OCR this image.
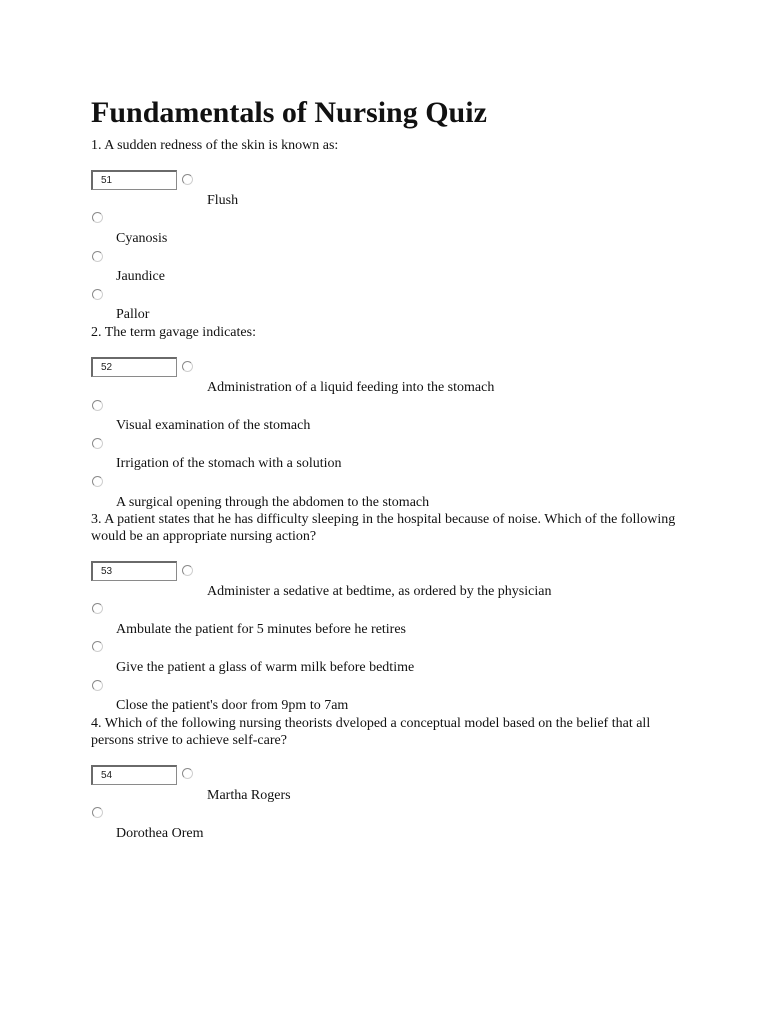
Fundamentals of Nursing Quiz
1. A sudden redness of the skin is known as:
51
Flush
Cyanosis
Jaundice
Pallor
2. The term gavage indicates:
52
Administration of a liquid feeding into the stomach
Visual examination of the stomach
Irrigation of the stomach with a solution
A surgical opening through the abdomen to the stomach
3. A patient states that he has difficulty sleeping in the hospital because of noise. Which of the following would be an appropriate nursing action?
53
Administer a sedative at bedtime, as ordered by the physician
Ambulate the patient for 5 minutes before he retires
Give the patient a glass of warm milk before bedtime
Close the patient's door from 9pm to 7am
4. Which of the following nursing theorists dveloped a conceptual model based on the belief that all persons strive to achieve self-care?
54
Martha Rogers
Dorothea Orem
